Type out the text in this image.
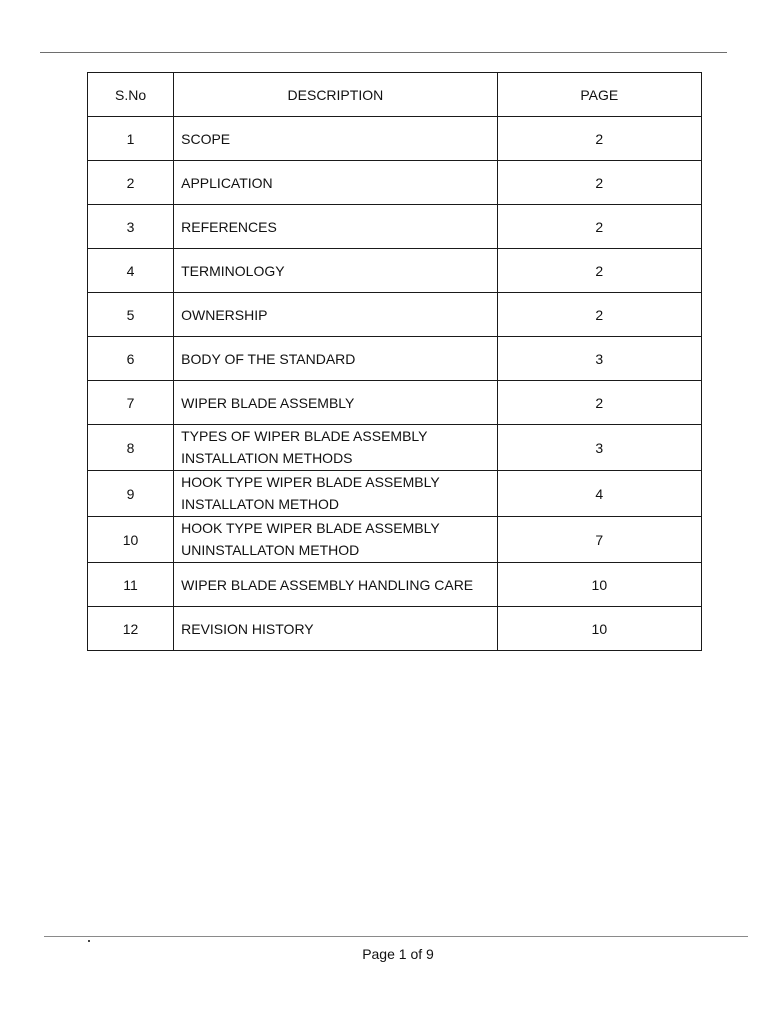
S.No	DESCRIPTION	PAGE
1	SCOPE	2
2	APPLICATION	2
3	REFERENCES	2
4	TERMINOLOGY	2
5	OWNERSHIP	2
6	BODY OF THE STANDARD	3
7	WIPER BLADE ASSEMBLY	2
8	TYPES OF WIPER BLADE ASSEMBLY
INSTALLATION METHODS	3
9	HOOK TYPE WIPER BLADE ASSEMBLY
INSTALLATON METHOD	4
10	HOOK TYPE WIPER BLADE ASSEMBLY
UNINSTALLATON METHOD	7
11	WIPER BLADE ASSEMBLY HANDLING CARE	10
12	REVISION HISTORY	10
Page 1 of 9
